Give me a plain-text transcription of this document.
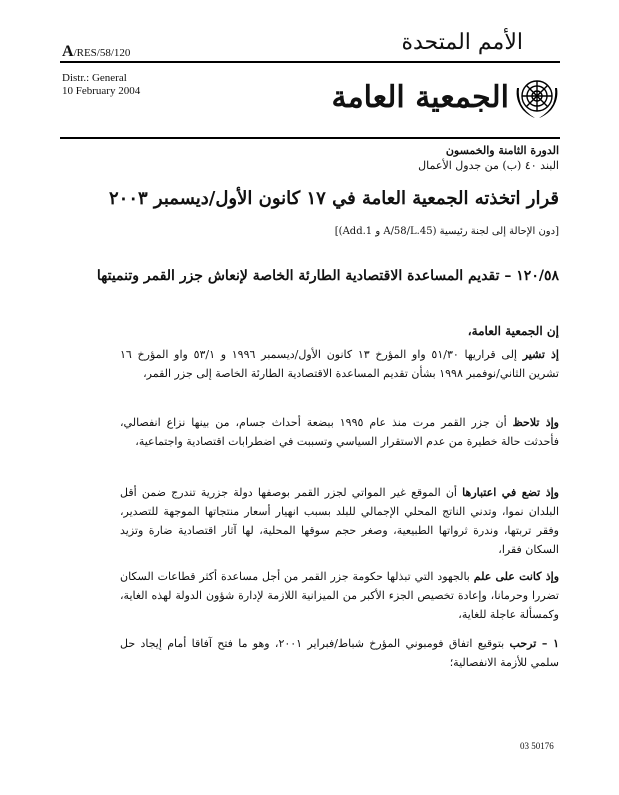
A/RES/58/120	الأمم المتحدة
Distr.: General
10 February 2004	الجمعية العامة
الدورة الثامنة والخمسون
البند ٤٠ (ب) من جدول الأعمال
قرار اتخذته الجمعية العامة في ١٧ كانون الأول/ديسمبر ٢٠٠٣
[دون الإحالة إلى لجنة رئيسية (A/58/L.45 و Add.1)]
١٢٠/٥٨ – تقديم المساعدة الاقتصادية الطارئة الخاصة لإنعاش جزر القمر وتنميتها
إن الجمعية العامة،
إذ تشير إلى قراريها ٥١/٣٠ واو المؤرخ ١٣ كانون الأول/ديسمبر ١٩٩٦ و ٥٣/١ واو المؤرخ ١٦ تشرين الثاني/نوفمبر ١٩٩٨ بشأن تقديم المساعدة الاقتصادية الطارئة الخاصة إلى جزر القمر،
وإذ تلاحظ أن جزر القمر مرت منذ عام ١٩٩٥ ببضعة أحداث جسام، من بينها نزاع انفصالي، فأحدثت حالة خطيرة من عدم الاستقرار السياسي وتسببت في اضطرابات اقتصادية واجتماعية،
وإذ تضع في اعتبارها أن الموقع غير المواتي لجزر القمر بوصفها دولة جزرية تندرج ضمن أقل البلدان نموا، وتدني الناتج المحلي الإجمالي للبلد بسبب انهيار أسعار منتجاتها الموجهة للتصدير، وفقر تربتها، وندرة ثرواتها الطبيعية، وصغر حجم سوقها المحلية، لها آثار اقتصادية ضارة وتزيد السكان فقرا،
وإذ كانت على علم بالجهود التي تبذلها حكومة جزر القمر من أجل مساعدة أكثر قطاعات السكان تضررا وحرمانا، وإعادة تخصيص الجزء الأكبر من الميزانية اللازمة لإدارة شؤون الدولة لهذه الغاية، وكمسألة عاجلة للغاية،
١ – ترحب بتوقيع اتفاق فومبوني المؤرخ شباط/فبراير ٢٠٠١، وهو ما فتح آفاقا أمام إيجاد حل سلمي للأزمة الانفصالية؛
03 50176
